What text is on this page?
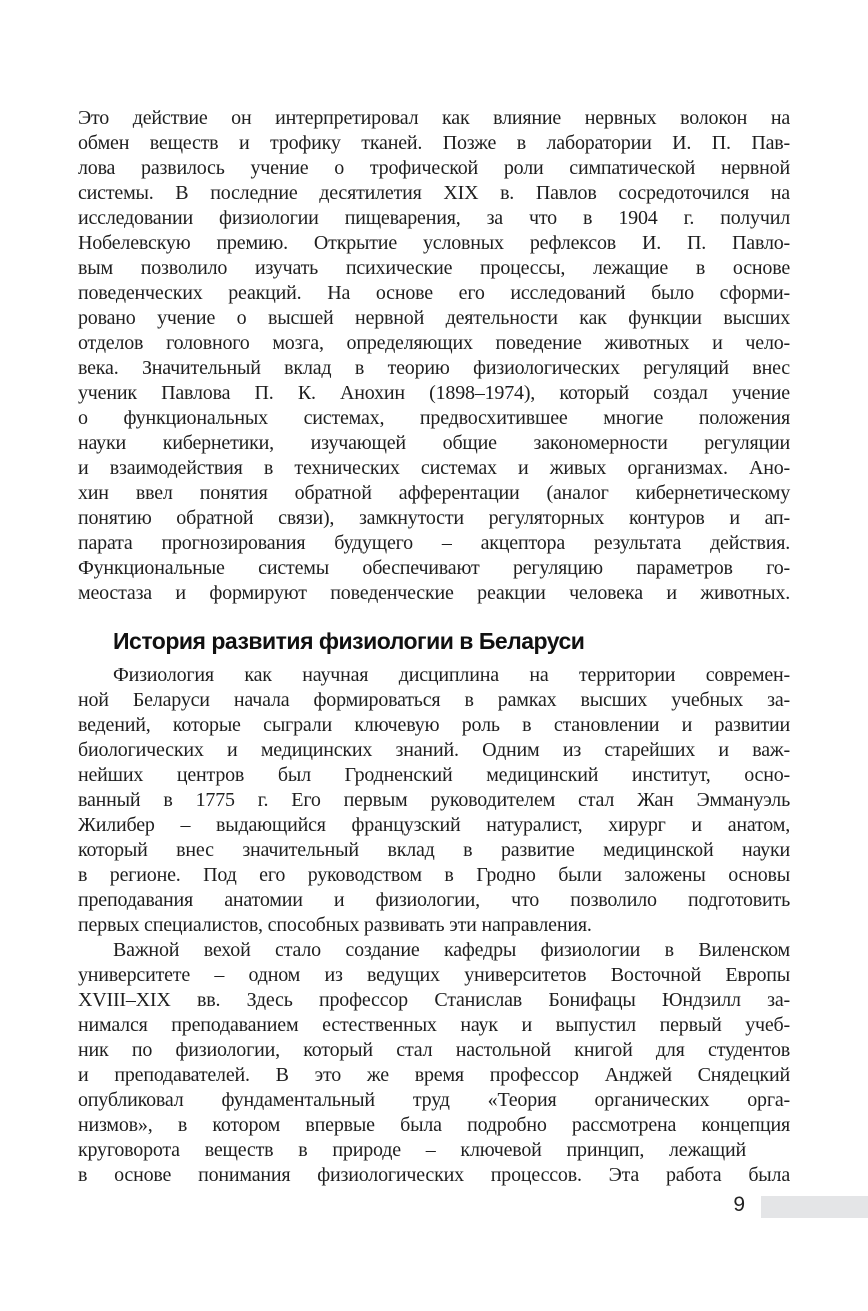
Это действие он интерпретировал как влияние нервных волокон на
обмен веществ и трофику тканей. Позже в лаборатории И. П. Пав-
лова развилось учение о трофической роли симпатической нервной
системы. В последние десятилетия XIX в. Павлов сосредоточился на
исследовании физиологии пищеварения, за что в 1904 г. получил
Нобелевскую премию. Открытие условных рефлексов И. П. Павло-
вым позволило изучать психические процессы, лежащие в основе
поведенческих реакций. На основе его исследований было сформи-
ровано учение о высшей нервной деятельности как функции высших
отделов головного мозга, определяющих поведение животных и чело-
века. Значительный вклад в теорию физиологических регуляций внес
ученик Павлова П. К. Анохин (1898–1974), который создал учение
о функциональных системах, предвосхитившее многие положения
науки кибернетики, изучающей общие закономерности регуляции
и взаимодействия в технических системах и живых организмах. Ано-
хин ввел понятия обратной афферентации (аналог кибернетическому
понятию обратной связи), замкнутости регуляторных контуров и ап-
парата прогнозирования будущего – акцептора результата действия.
Функциональные системы обеспечивают регуляцию параметров го-
меостаза и формируют поведенческие реакции человека и животных.
История развития физиологии в Беларуси
Физиология как научная дисциплина на территории современ-
ной Беларуси начала формироваться в рамках высших учебных за-
ведений, которые сыграли ключевую роль в становлении и развитии
биологических и медицинских знаний. Одним из старейших и важ-
нейших центров был Гродненский медицинский институт, осно-
ванный в 1775 г. Его первым руководителем стал Жан Эммануэль
Жилибер – выдающийся французский натуралист, хирург и анатом,
который внес значительный вклад в развитие медицинской науки
в регионе. Под его руководством в Гродно были заложены основы
преподавания анатомии и физиологии, что позволило подготовить
первых специалистов, способных развивать эти направления.
Важной вехой стало создание кафедры физиологии в Виленском
университете – одном из ведущих университетов Восточной Европы
XVIII–XIX вв. Здесь профессор Станислав Бонифацы Юндзилл за-
нимался преподаванием естественных наук и выпустил первый учеб-
ник по физиологии, который стал настольной книгой для студентов
и преподавателей. В это же время профессор Анджей Снядецкий
опубликовал фундаментальный труд «Теория органических орга-
низмов», в котором впервые была подробно рассмотрена концепция
круговорота веществ в природе – ключевой принцип, лежащий
в основе понимания физиологических процессов. Эта работа была
9
